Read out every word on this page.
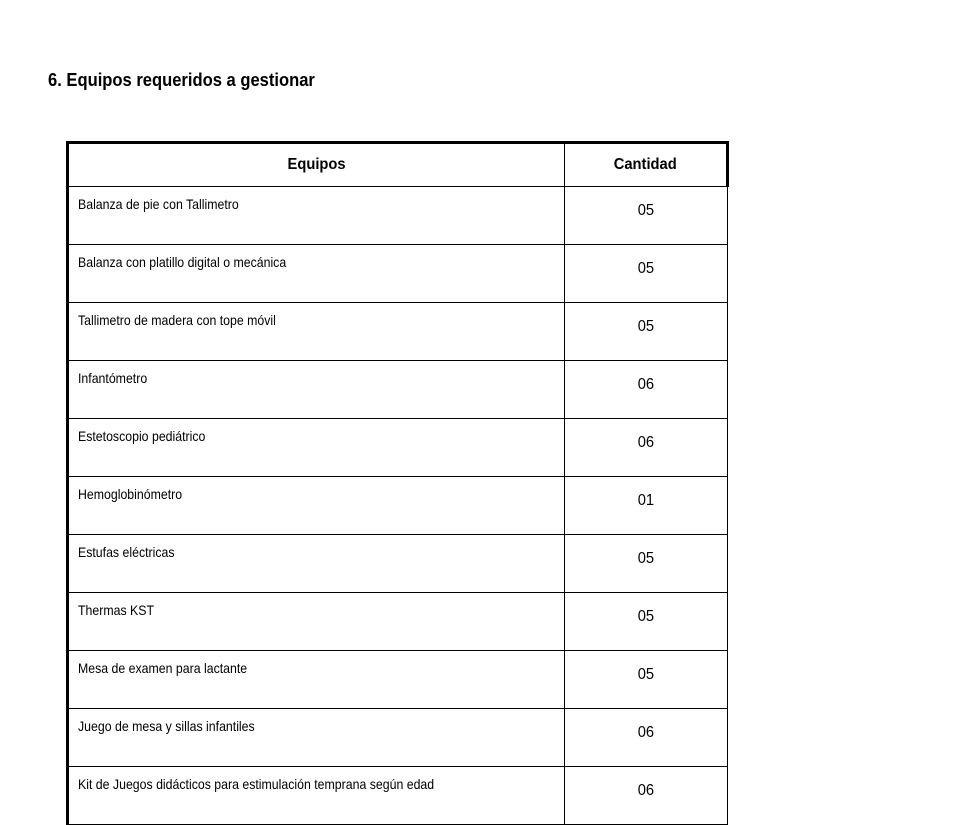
6. Equipos requeridos a gestionar
Equipos	Cantidad
Balanza de pie con Tallimetro	05
Balanza con platillo digital o mecánica	05
Tallimetro de madera con tope móvil	05
Infantómetro	06
Estetoscopio pediátrico	06
Hemoglobinómetro	01
Estufas eléctricas	05
Thermas KST	05
Mesa de examen para lactante	05
Juego de mesa y sillas infantiles	06
Kit de Juegos didácticos para estimulación temprana según edad	06
